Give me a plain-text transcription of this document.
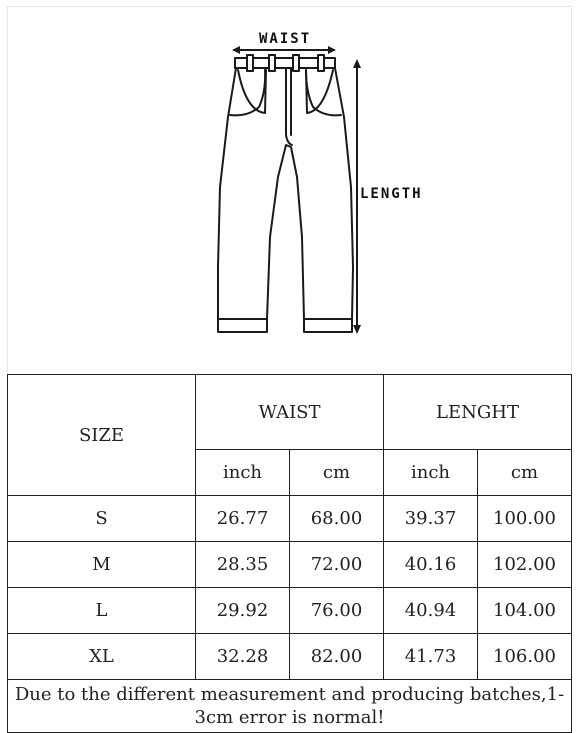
WAIST
LENGTH
SIZE	WAIST		LENGHT	
	inch	cm	inch	cm
S	26.77	68.00	39.37	100.00
M	28.35	72.00	40.16	102.00
L	29.92	76.00	40.94	104.00
XL	32.28	82.00	41.73	106.00
Due to the different measurement and producing batches,1-3cm error is normal!				
